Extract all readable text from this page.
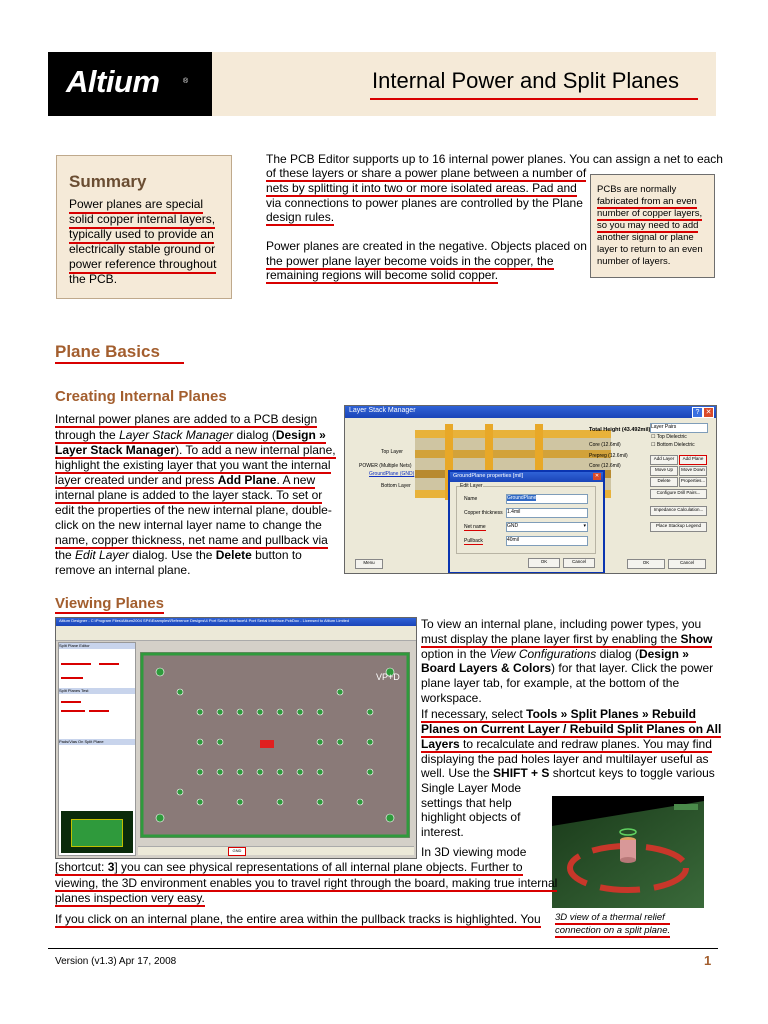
Altium	®	Internal Power and Split Planes
Summary
Power planes are special
solid copper internal layers,
typically used to provide an
electrically stable ground or
power reference throughout
the PCB.
The PCB Editor supports up to 16 internal power planes. You can assign a net to each
of these layers or share a power plane between a number of
nets by splitting it into two or more isolated areas. Pad and
via connections to power planes are controlled by the Plane
design rules.
Power planes are created in the negative. Objects placed on
the power plane layer become voids in the copper, the
remaining regions will become solid copper.
PCBs are normally
fabricated from an even
number of copper layers,
so you may need to add
another signal or plane
layer to return to an even
number of layers.
Plane Basics
Creating Internal Planes
Internal power planes are added to a PCB design
through the Layer Stack Manager dialog (Design »
Layer Stack Manager). To add a new internal plane,
highlight the existing layer that you want the internal
layer created under and press Add Plane. A new
internal plane is added to the layer stack. To set or
edit the properties of the new internal plane, double-
click on the new internal layer name to change the
name, copper thickness, net name and pullback via
the Edit Layer dialog. Use the Delete button to
remove an internal plane.
Layer Stack Manager	✕
?
Top Layer
POWER (Multiple Nets)
GroundPlane (GND)
Bottom Layer
Total Height (43.492mil)
Core (12.6mil)
Prepreg (12.6mil)
Core (12.6mil)
Layer Pairs
☐ Top Dielectric
☐ Bottom Dielectric
Add Layer	Add Plane
Move Up	Move Down
Delete	Properties...
Configure Drill Pairs...
Impedance Calculation...
Place Stackup Legend
Menu	OK	Cancel
GroundPlane properties [mil]	✕
Edit Layer
Name	GroundPlane
Copper thickness 1.4mil
Net name	GND	▾
Pullback	40mil
OK	Cancel
Viewing Planes
Altium Designer - C:\Program Files\Altium2004 SP4\Examples\Reference Designs\4 Port Serial Interface\4 Port Serial Interface.PcbDoc - Licensed to Altium Limited
Split Plane Editor
Split Planes Test
Pads/Vias On Split Plane
VP+D
GND
To view an internal plane, including power types, you
must display the plane layer first by enabling the Show
option in the View Configurations dialog (Design »
Board Layers & Colors) for that layer. Click the power
plane layer tab, for example, at the bottom of the
workspace.
If necessary, select Tools » Split Planes » Rebuild
Planes on Current Layer / Rebuild Split Planes on All
Layers to recalculate and redraw planes. You may find
displaying the pad holes layer and multilayer useful as
well. Use the SHIFT + S shortcut keys to toggle various
Single Layer Mode
settings that help
highlight objects of
interest.
In 3D viewing mode
3D view of a thermal relief
connection on a split plane.
[shortcut: 3] you can see physical representations of all internal plane objects. Further to
viewing, the 3D environment enables you to travel right through the board, making true internal
planes inspection very easy.
If you click on an internal plane, the entire area within the pullback tracks is highlighted. You
Version (v1.3) Apr 17, 2008	1
